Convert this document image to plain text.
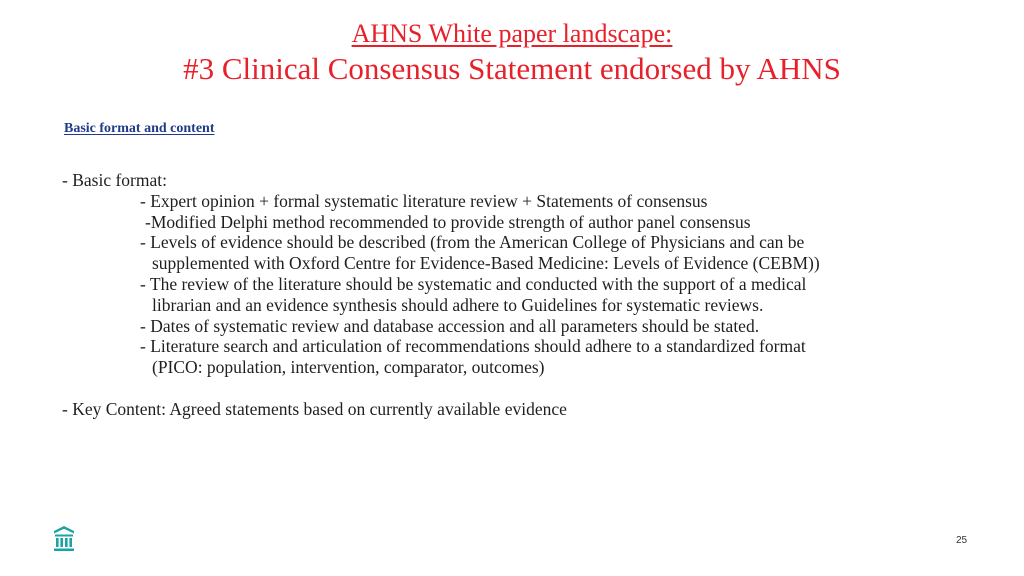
AHNS White paper landscape:
#3 Clinical Consensus Statement endorsed by AHNS
Basic format and content
- Basic format:
- Expert opinion + formal systematic literature review + Statements of consensus
-Modified Delphi method recommended to provide strength of author panel consensus
- Levels of evidence should be described (from the American College of Physicians and can be
supplemented with Oxford Centre for Evidence-Based Medicine: Levels of Evidence (CEBM))
- The review of the literature should be systematic and conducted with the support of a medical
librarian and an evidence synthesis should adhere to Guidelines for systematic reviews.
- Dates of systematic review and database accession and all parameters should be stated.
- Literature search and articulation of recommendations should adhere to a standardized format
(PICO: population, intervention, comparator, outcomes)
- Key Content: Agreed statements based on currently available evidence
25
